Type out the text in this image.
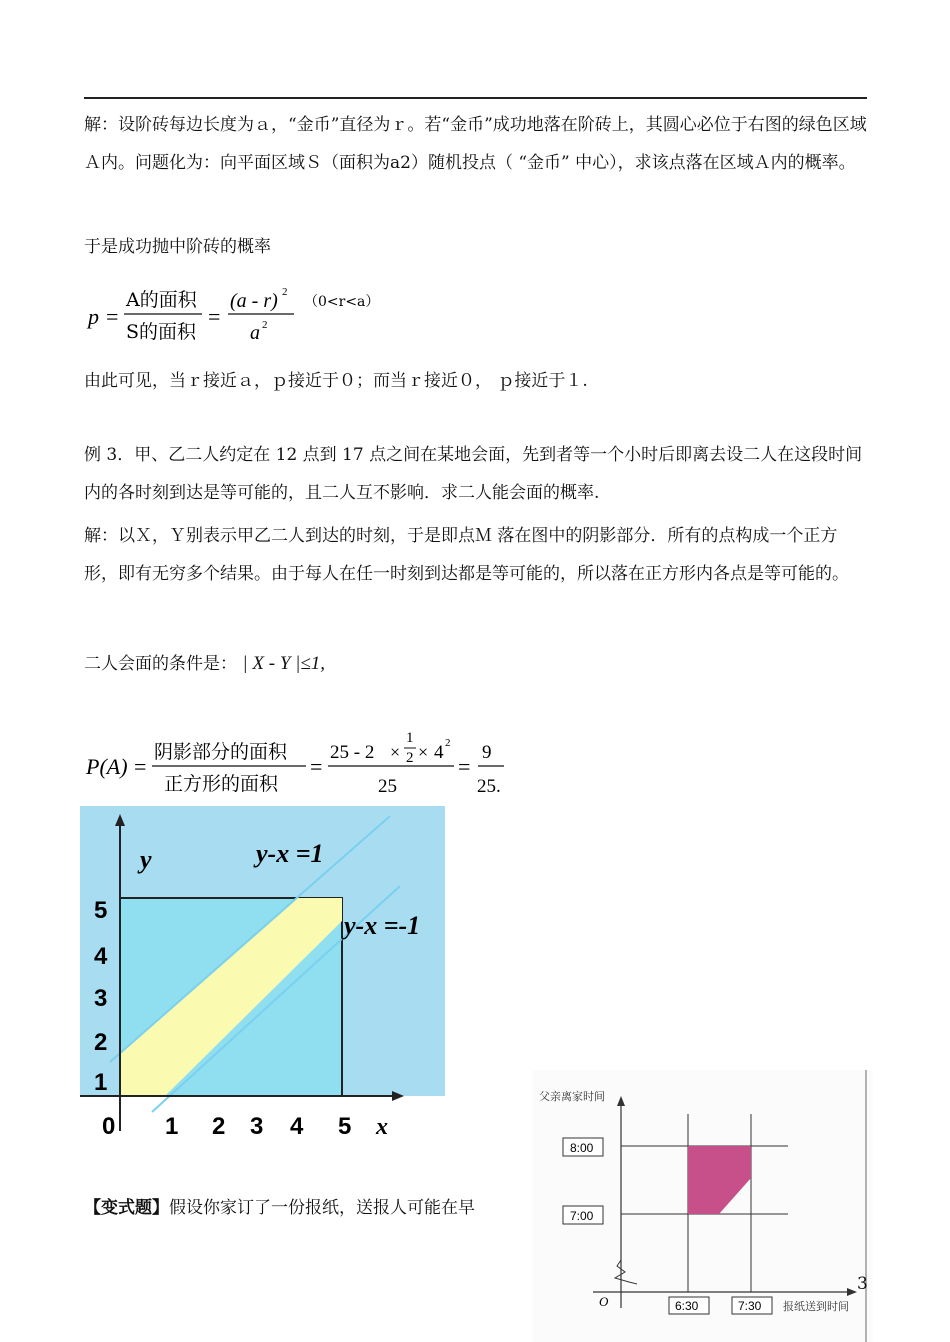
解：设阶砖每边长度为ａ，“金币”直径为ｒ。若“金币”成功地落在阶砖上，其圆心必位于右图的绿色区域Ａ内。问题化为：向平面区域Ｓ（面积为a2）随机投点（ “金币” 中心），求该点落在区域Ａ内的概率。

于是成功抛中阶砖的概率

p =
A的面积
S的面积
=
(a - r) 2
a 2
（0<r<a）

由此可见，当ｒ接近ａ，ｐ接近于０；而当ｒ接近０， ｐ接近于１.

例 3．甲、乙二人约定在 12 点到 17 点之间在某地会面，先到者等一个小时后即离去设二人在这段时间内的各时刻到达是等可能的，且二人互不影响．求二人能会面的概率.

解：以Ｘ，Ｙ别表示甲乙二人到达的时刻，于是即点Ｍ 落在图中的阴影部分．所有的点构成一个正方形，即有无穷多个结果。由于每人在任一时刻到达都是等可能的，所以落在正方形内各点是等可能的。

二人会面的条件是： | X - Y |≤1,

P(A) =
阴影部分的面积
正方形的面积
=
25 - 2 ×
1
2 × 4 2
25
=
9
25.
y	y-x =1
y-x =-1
5
4
3
2
1
0 1 2 3 4 5 x
【变式题】假设你家订了一份报纸，送报人可能在早
父亲离家时间
8:00
7:00
O	6:30	7:30 报纸送到时间
3
